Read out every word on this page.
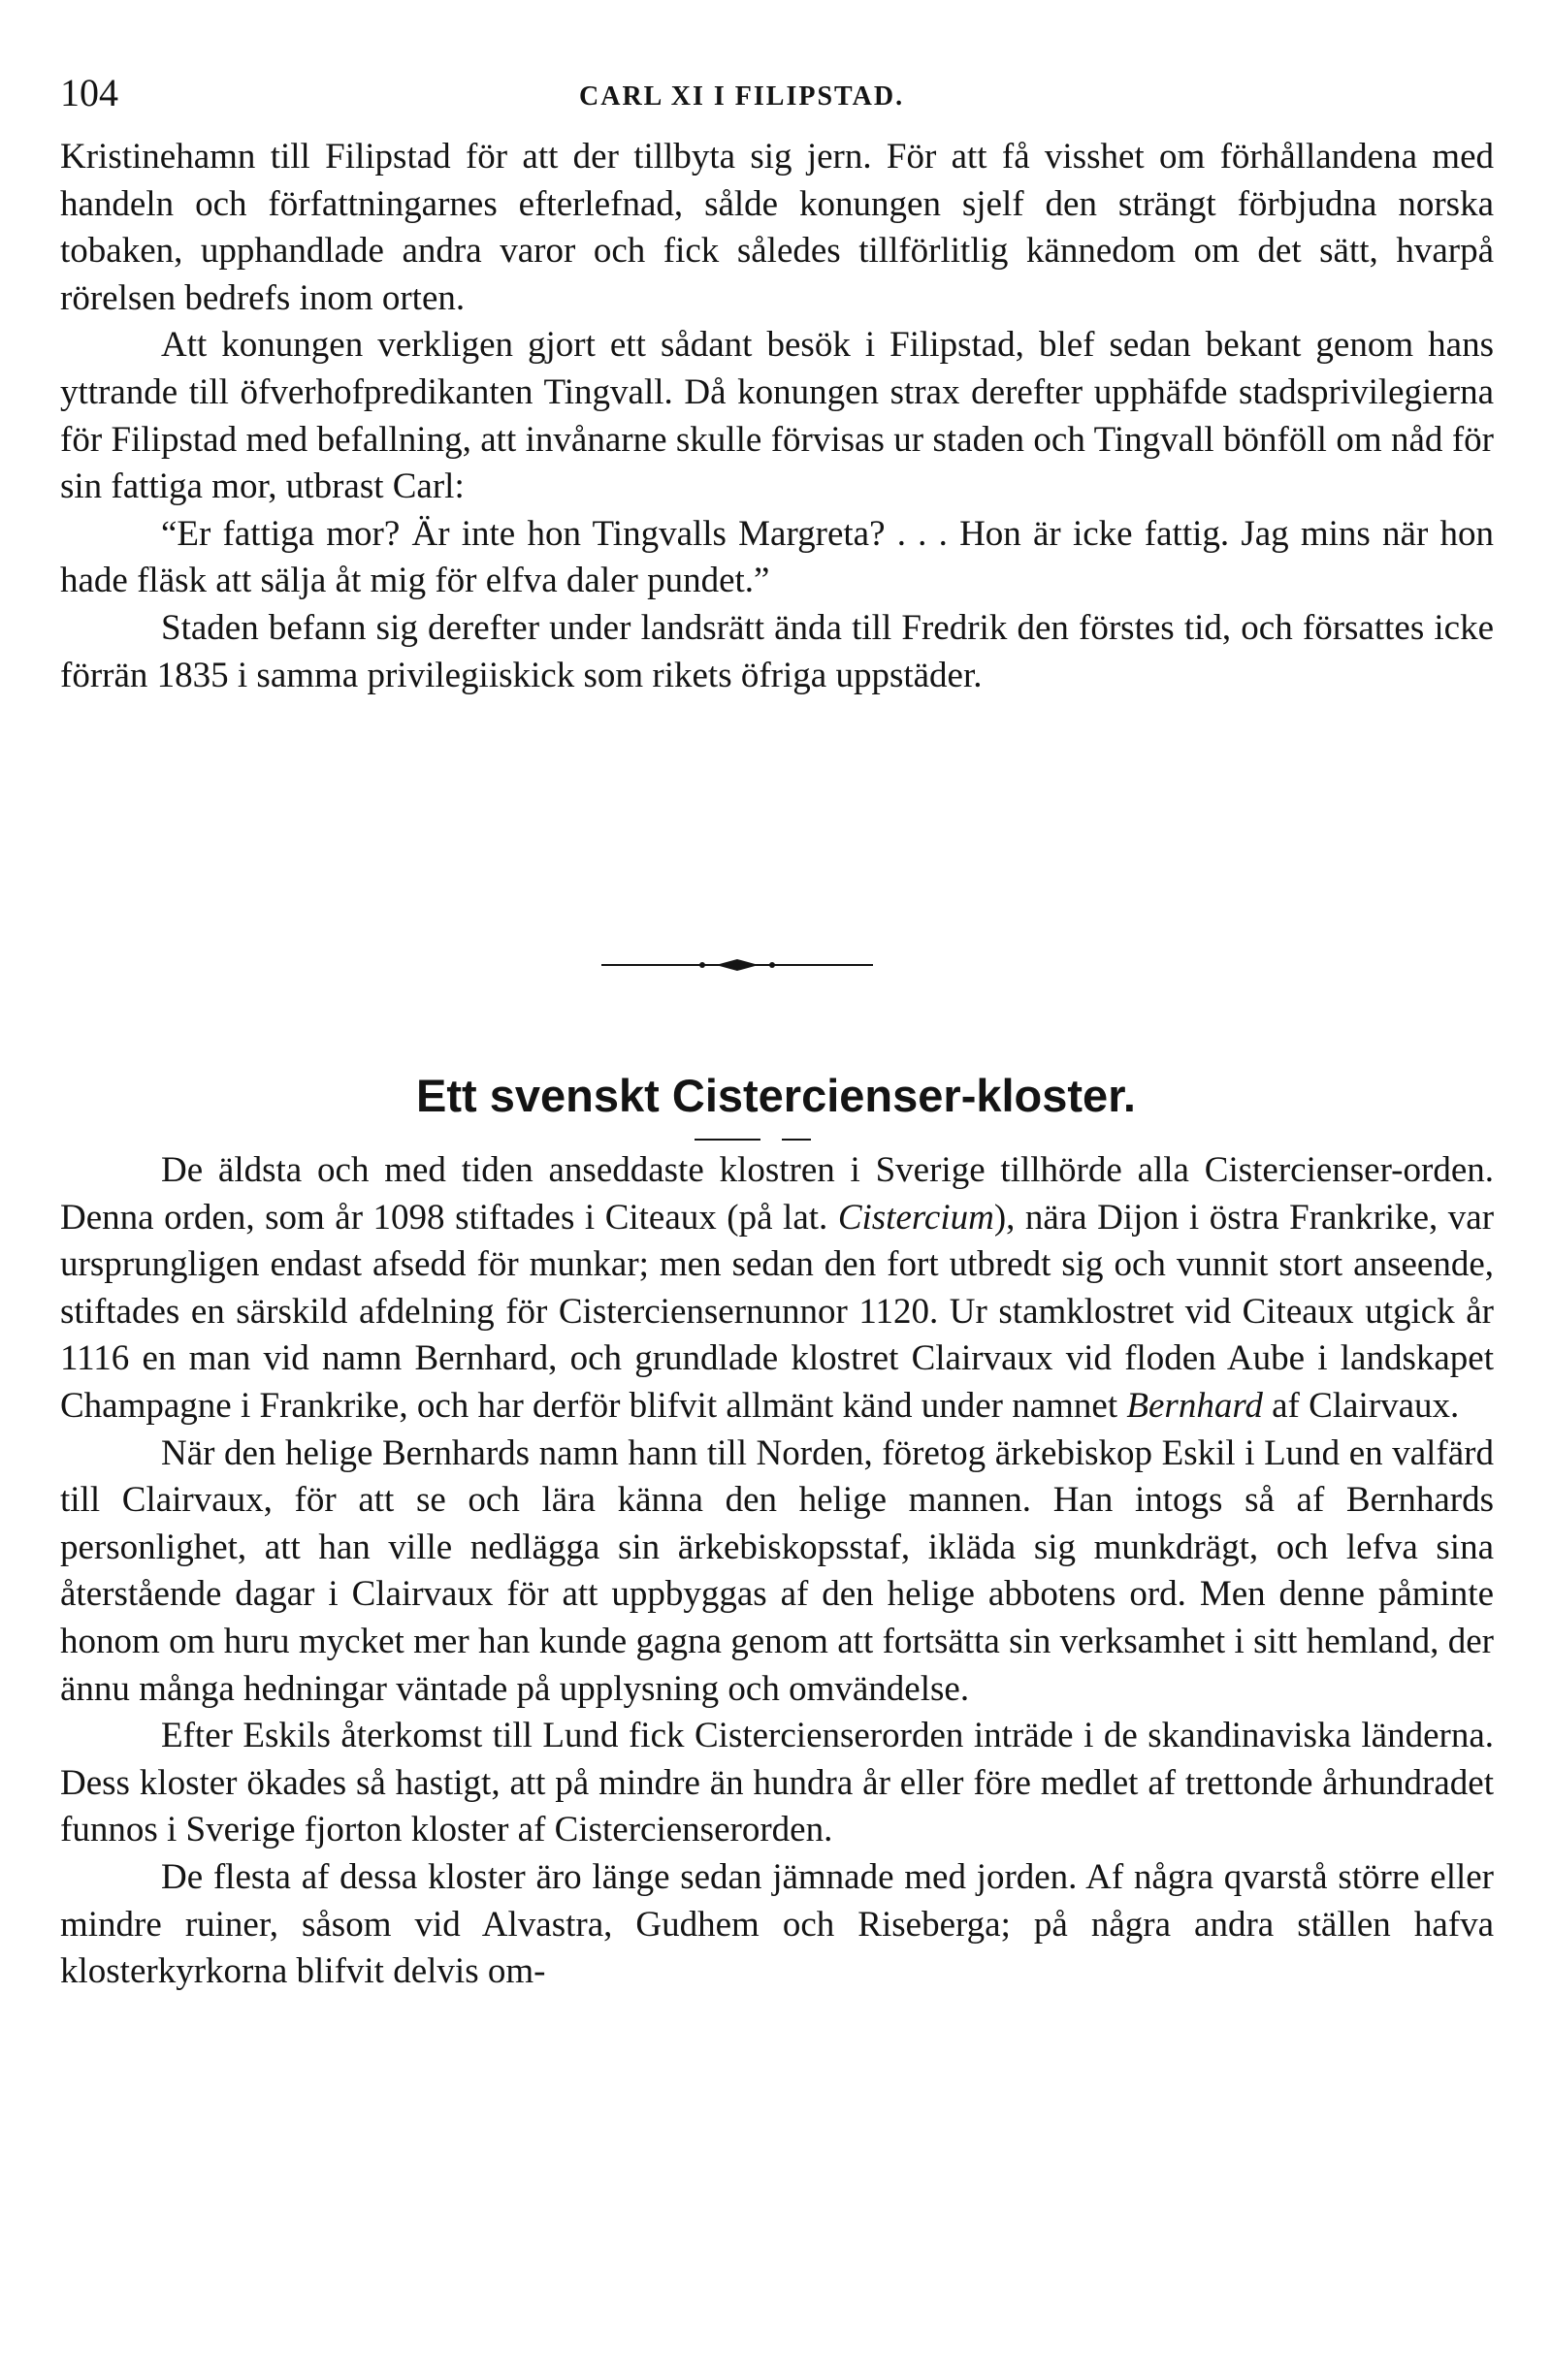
104	CARL XI I FILIPSTAD.

Kristinehamn till Filipstad för att der tillbyta sig jern. För att få visshet om förhållandena med handeln och författningarnes efterlefnad, sålde konungen sjelf den strängt förbjudna norska tobaken, upphandlade andra varor och fick således tillförlitlig kännedom om det sätt, hvarpå rörelsen bedrefs inom orten.

Att konungen verkligen gjort ett sådant besök i Filipstad, blef sedan bekant genom hans yttrande till öfverhofpredikanten Tingvall. Då konungen strax derefter upphäfde stadsprivilegierna för Filipstad med befallning, att invånarne skulle förvisas ur staden och Tingvall bönföll om nåd för sin fattiga mor, utbrast Carl:

“Er fattiga mor? Är inte hon Tingvalls Margreta? . . . Hon är icke fattig. Jag mins när hon hade fläsk att sälja åt mig för elfva daler pundet.”

Staden befann sig derefter under landsrätt ända till Fredrik den förstes tid, och försattes icke förrän 1835 i samma privilegiiskick som rikets öfriga uppstäder.

Ett svenskt Cistercienser-kloster.

De äldsta och med tiden anseddaste klostren i Sverige tillhörde alla Cistercienser-orden. Denna orden, som år 1098 stiftades i Citeaux (på lat. Cistercium), nära Dijon i östra Frankrike, var ursprungligen endast afsedd för munkar; men sedan den fort utbredt sig och vunnit stort anseende, stiftades en särskild afdelning för Cisterciensernunnor 1120. Ur stamklostret vid Citeaux utgick år 1116 en man vid namn Bernhard, och grundlade klostret Clairvaux vid floden Aube i landskapet Champagne i Frankrike, och har derför blifvit allmänt känd under namnet Bernhard af Clairvaux.

När den helige Bernhards namn hann till Norden, företog ärkebiskop Eskil i Lund en valfärd till Clairvaux, för att se och lära känna den helige mannen. Han intogs så af Bernhards personlighet, att han ville nedlägga sin ärkebiskopsstaf, ikläda sig munkdrägt, och lefva sina återstående dagar i Clairvaux för att uppbyggas af den helige abbotens ord. Men denne påminte honom om huru mycket mer han kunde gagna genom att fortsätta sin verksamhet i sitt hemland, der ännu många hedningar väntade på upplysning och omvändelse.

Efter Eskils återkomst till Lund fick Cistercienserorden inträde i de skandinaviska länderna. Dess kloster ökades så hastigt, att på mindre än hundra år eller före medlet af trettonde århundradet funnos i Sverige fjorton kloster af Cistercienserorden.

De flesta af dessa kloster äro länge sedan jämnade med jorden. Af några qvarstå större eller mindre ruiner, såsom vid Alvastra, Gudhem och Riseberga; på några andra ställen hafva klosterkyrkorna blifvit delvis om-
